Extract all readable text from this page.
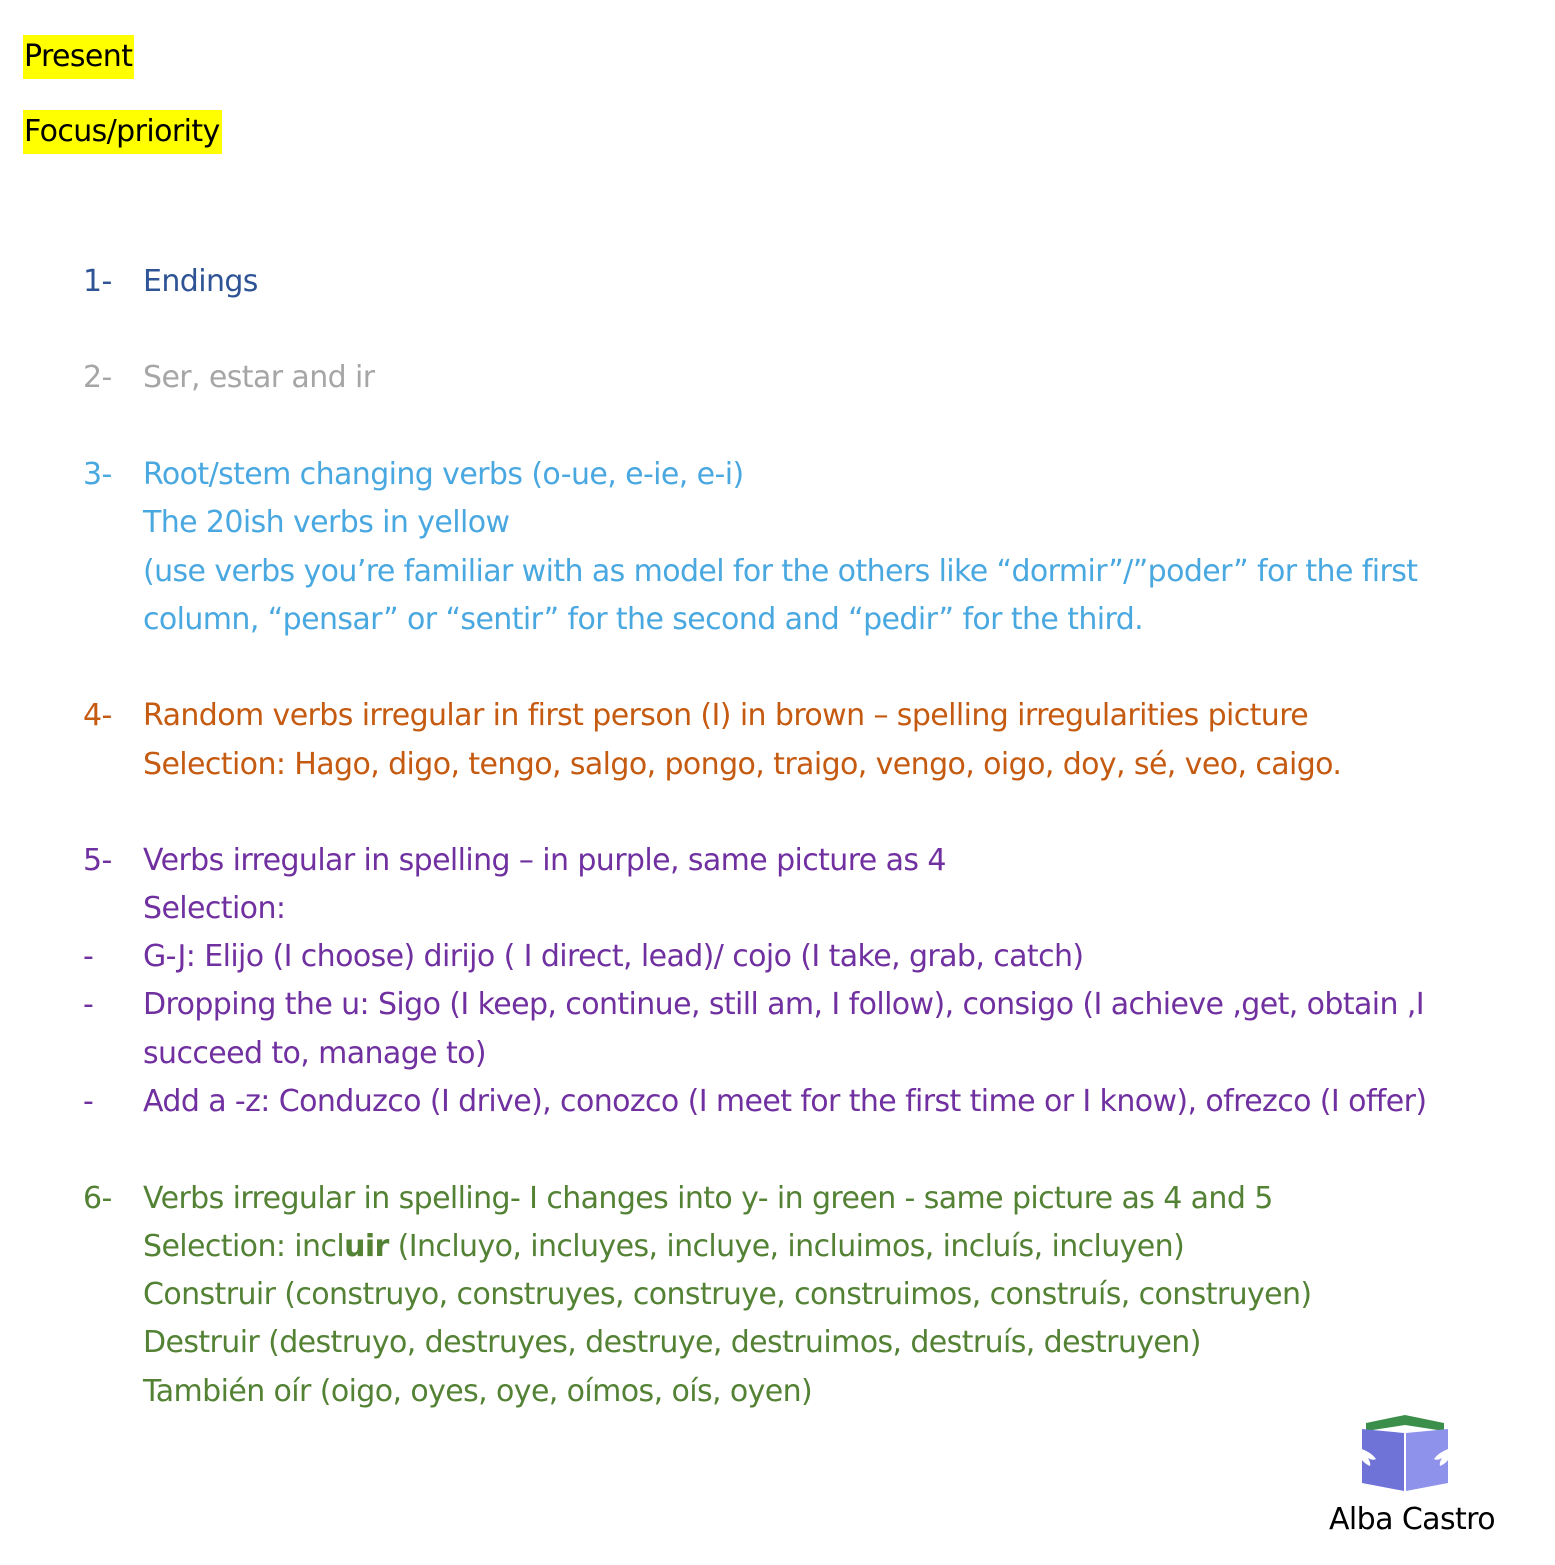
Present
Focus/priority
1- Endings
2- Ser, estar and ir
3- Root/stem changing verbs (o-ue, e-ie, e-i)
The 20ish verbs in yellow
(use verbs you’re familiar with as model for the others like “dormir”/”poder” for the first
column, “pensar” or “sentir” for the second and “pedir” for the third.
4- Random verbs irregular in first person (I) in brown – spelling irregularities picture
Selection: Hago, digo, tengo, salgo, pongo, traigo, vengo, oigo, doy, sé, veo, caigo.
5- Verbs irregular in spelling – in purple, same picture as 4
Selection:
- G-J: Elijo (I choose) dirijo ( I direct, lead)/ cojo (I take, grab, catch)
- Dropping the u: Sigo (I keep, continue, still am, I follow), consigo (I achieve ,get, obtain ,I
succeed to, manage to)
- Add a -z: Conduzco (I drive), conozco (I meet for the first time or I know), ofrezco (I offer)
6- Verbs irregular in spelling- I changes into y- in green - same picture as 4 and 5
Selection: incluir (Incluyo, incluyes, incluye, incluimos, incluís, incluyen)
Construir (construyo, construyes, construye, construimos, construís, construyen)
Destruir (destruyo, destruyes, destruye, destruimos, destruís, destruyen)
También oír (oigo, oyes, oye, oímos, oís, oyen)
Alba Castro
